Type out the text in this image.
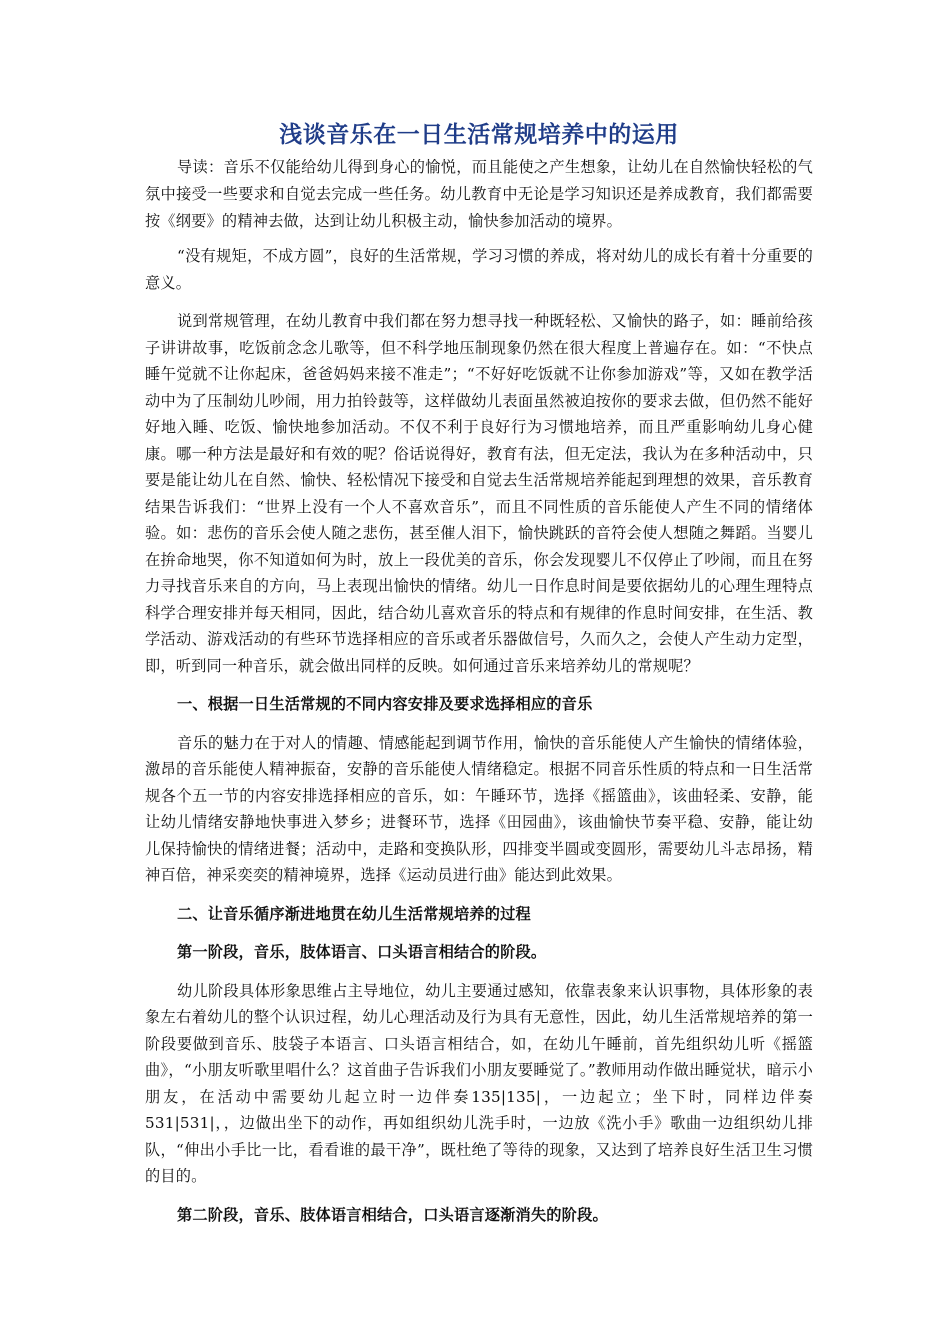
浅谈音乐在一日生活常规培养中的运用

导读：音乐不仅能给幼儿得到身心的愉悦，而且能使之产生想象，让幼儿在自然愉快轻松的气氛中接受一些要求和自觉去完成一些任务。幼儿教育中无论是学习知识还是养成教育，我们都需要按《纲要》的精神去做，达到让幼儿积极主动，愉快参加活动的境界。

“没有规矩，不成方圆”，良好的生活常规，学习习惯的养成，将对幼儿的成长有着十分重要的意义。

说到常规管理，在幼儿教育中我们都在努力想寻找一种既轻松、又愉快的路子，如：睡前给孩子讲讲故事，吃饭前念念儿歌等，但不科学地压制现象仍然在很大程度上普遍存在。如：“不快点睡午觉就不让你起床，爸爸妈妈来接不准走”；“不好好吃饭就不让你参加游戏”等，又如在教学活动中为了压制幼儿吵闹，用力拍铃鼓等，这样做幼儿表面虽然被迫按你的要求去做，但仍然不能好好地入睡、吃饭、愉快地参加活动。不仅不利于良好行为习惯地培养，而且严重影响幼儿身心健康。哪一种方法是最好和有效的呢？俗话说得好，教育有法，但无定法，我认为在多种活动中，只要是能让幼儿在自然、愉快、轻松情况下接受和自觉去生活常规培养能起到理想的效果，音乐教育结果告诉我们：“世界上没有一个人不喜欢音乐”，而且不同性质的音乐能使人产生不同的情绪体验。如：悲伤的音乐会使人随之悲伤，甚至催人泪下，愉快跳跃的音符会使人想随之舞蹈。当婴儿在拚命地哭，你不知道如何为时，放上一段优美的音乐，你会发现婴儿不仅停止了吵闹，而且在努力寻找音乐来自的方向，马上表现出愉快的情绪。幼儿一日作息时间是要依据幼儿的心理生理特点科学合理安排并每天相同，因此，结合幼儿喜欢音乐的特点和有规律的作息时间安排，在生活、教学活动、游戏活动的有些环节选择相应的音乐或者乐器做信号，久而久之，会使人产生动力定型，即，听到同一种音乐，就会做出同样的反映。如何通过音乐来培养幼儿的常规呢？

一、根据一日生活常规的不同内容安排及要求选择相应的音乐

音乐的魅力在于对人的情趣、情感能起到调节作用，愉快的音乐能使人产生愉快的情绪体验，激昂的音乐能使人精神振奋，安静的音乐能使人情绪稳定。根据不同音乐性质的特点和一日生活常规各个五一节的内容安排选择相应的音乐，如：午睡环节，选择《摇篮曲》，该曲轻柔、安静，能让幼儿情绪安静地快事进入梦乡；进餐环节，选择《田园曲》，该曲愉快节奏平稳、安静，能让幼儿保持愉快的情绪进餐；活动中，走路和变换队形，四排变半圆或变圆形，需要幼儿斗志昂扬，精神百倍，神采奕奕的精神境界，选择《运动员进行曲》能达到此效果。

二、让音乐循序渐进地贯在幼儿生活常规培养的过程

第一阶段，音乐，肢体语言、口头语言相结合的阶段。

幼儿阶段具体形象思维占主导地位，幼儿主要通过感知，依靠表象来认识事物，具体形象的表象左右着幼儿的整个认识过程，幼儿心理活动及行为具有无意性，因此，幼儿生活常规培养的第一阶段要做到音乐、肢袋子本语言、口头语言相结合，如，在幼儿午睡前，首先组织幼儿听《摇篮曲》，“小朋友听歌里唱什么？这首曲子告诉我们小朋友要睡觉了。”教师用动作做出睡觉状，暗示小朋友，在活动中需要幼儿起立时一边伴奏135|135|，一边起立；坐下时，同样边伴奏531|531|，，边做出坐下的动作，再如组织幼儿洗手时，一边放《洗小手》歌曲一边组织幼儿排队，“伸出小手比一比，看看谁的最干净”，既杜绝了等待的现象，又达到了培养良好生活卫生习惯的目的。

第二阶段，音乐、肢体语言相结合，口头语言逐渐消失的阶段。
